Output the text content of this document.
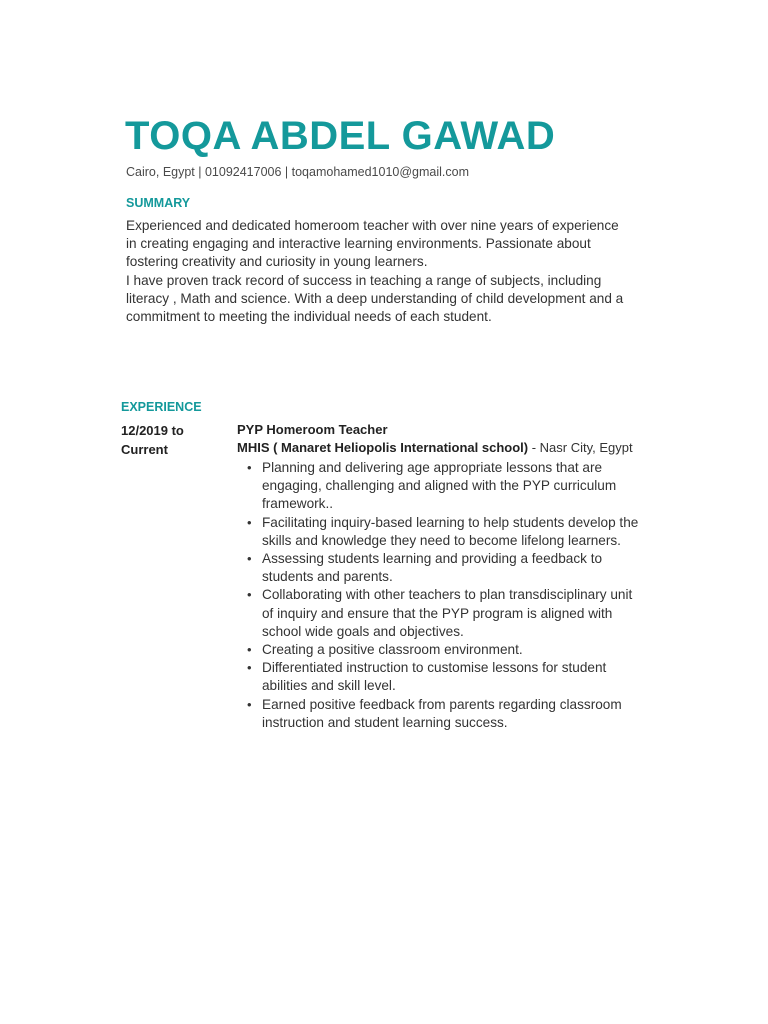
TOQA ABDEL GAWAD
Cairo, Egypt | 01092417006 | toqamohamed1010@gmail.com
SUMMARY

Experienced and dedicated homeroom teacher with over nine years of experience in creating engaging and interactive learning environments. Passionate about fostering creativity and curiosity in young learners.

I have proven track record of success in teaching a range of subjects, including literacy , Math and science. With a deep understanding of child development and a commitment to meeting the individual needs of each student.

EXPERIENCE
12/2019 to
Current
PYP Homeroom Teacher
MHIS ( Manaret Heliopolis International school) - Nasr City, Egypt
• Planning and delivering age appropriate lessons that are engaging, challenging and aligned with the PYP curriculum framework..
• Facilitating inquiry-based learning to help students develop the skills and knowledge they need to become lifelong learners.
• Assessing students learning and providing a feedback to students and parents.
• Collaborating with other teachers to plan transdisciplinary unit of inquiry and ensure that the PYP program is aligned with school wide goals and objectives.
• Creating a positive classroom environment.
• Differentiated instruction to customise lessons for student abilities and skill level.
• Earned positive feedback from parents regarding classroom instruction and student learning success.
